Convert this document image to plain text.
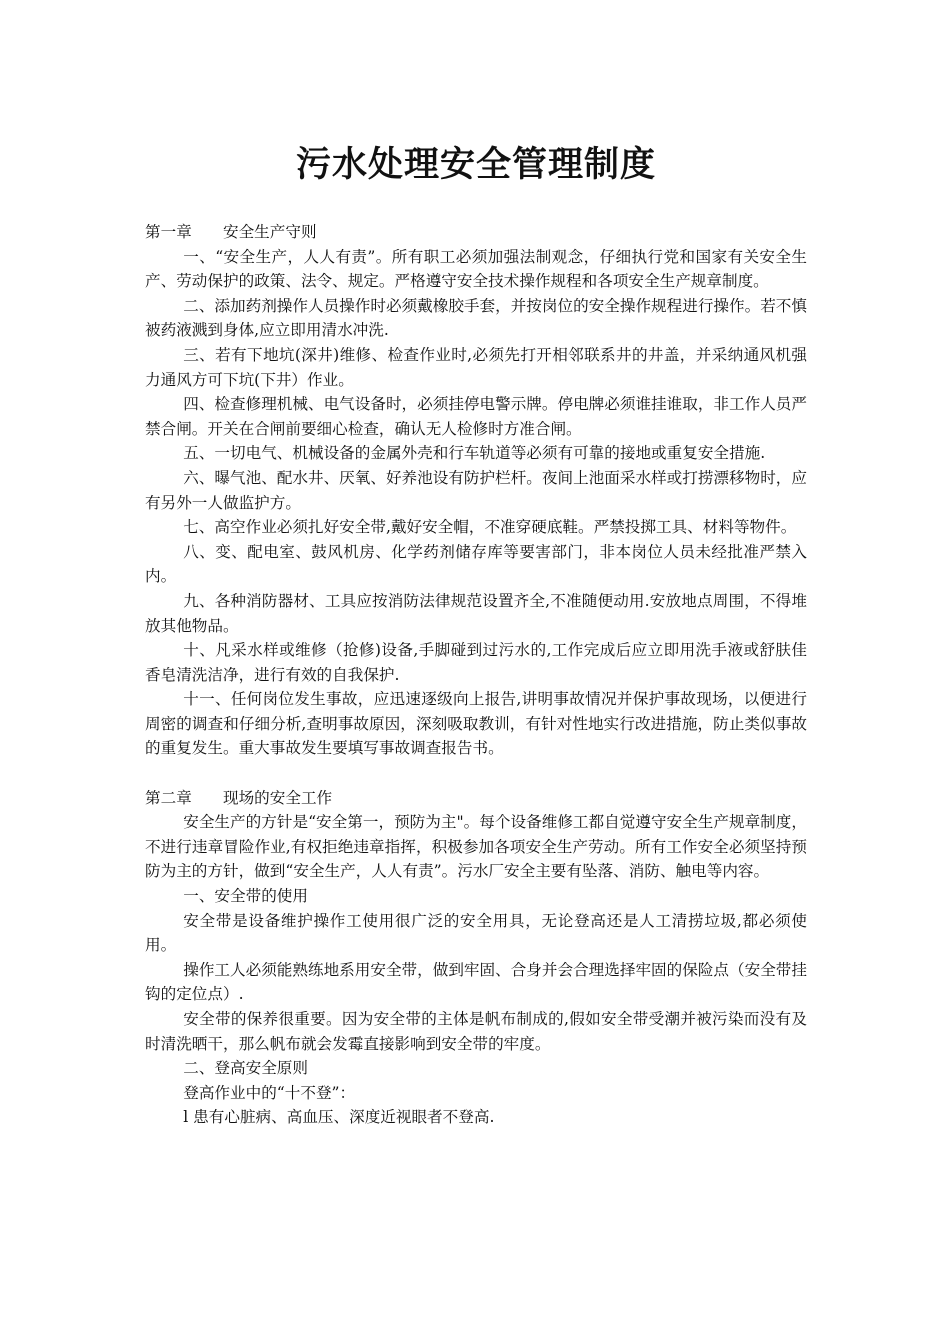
污水处理安全管理制度

第一章　　安全生产守则

一、“安全生产，人人有责”。所有职工必须加强法制观念，仔细执行党和国家有关安全生产、劳动保护的政策、法令、规定。严格遵守安全技术操作规程和各项安全生产规章制度。

二、添加药剂操作人员操作时必须戴橡胶手套，并按岗位的安全操作规程进行操作。若不慎被药液溅到身体,应立即用清水冲洗.

三、若有下地坑(深井)维修、检查作业时,必须先打开相邻联系井的井盖，并采纳通风机强力通风方可下坑(下井）作业。

四、检查修理机械、电气设备时，必须挂停电警示牌。停电牌必须谁挂谁取，非工作人员严禁合闸。开关在合闸前要细心检查，确认无人检修时方准合闸。

五、一切电气、机械设备的金属外壳和行车轨道等必须有可靠的接地或重复安全措施.

六、曝气池、配水井、厌氧、好养池设有防护栏杆。夜间上池面采水样或打捞漂移物时，应有另外一人做监护方。

七、高空作业必须扎好安全带,戴好安全帽，不准穿硬底鞋。严禁投掷工具、材料等物件。

八、变、配电室、鼓风机房、化学药剂储存库等要害部门，非本岗位人员未经批准严禁入内。

九、各种消防器材、工具应按消防法律规范设置齐全,不准随便动用.安放地点周围，不得堆放其他物品。

十、凡采水样或维修（抢修)设备,手脚碰到过污水的,工作完成后应立即用洗手液或舒肤佳香皂清洗洁净，进行有效的自我保护.

十一、任何岗位发生事故，应迅速逐级向上报告,讲明事故情况并保护事故现场，以便进行周密的调查和仔细分析,查明事故原因，深刻吸取教训，有针对性地实行改进措施，防止类似事故的重复发生。重大事故发生要填写事故调查报告书。

第二章　　现场的安全工作

安全生产的方针是“安全第一，预防为主"。每个设备维修工都自觉遵守安全生产规章制度，不进行违章冒险作业,有权拒绝违章指挥，积极参加各项安全生产劳动。所有工作安全必须坚持预防为主的方针，做到“安全生产，人人有责”。污水厂安全主要有坠落、消防、触电等内容。

一、安全带的使用

安全带是设备维护操作工使用很广泛的安全用具，无论登高还是人工清捞垃圾,都必须使用。

操作工人必须能熟练地系用安全带，做到牢固、合身并会合理选择牢固的保险点（安全带挂钩的定位点）.

安全带的保养很重要。因为安全带的主体是帆布制成的,假如安全带受潮并被污染而没有及时清洗晒干，那么帆布就会发霉直接影响到安全带的牢度。

二、登高安全原则

登高作业中的“十不登”：

l 患有心脏病、高血压、深度近视眼者不登高.
